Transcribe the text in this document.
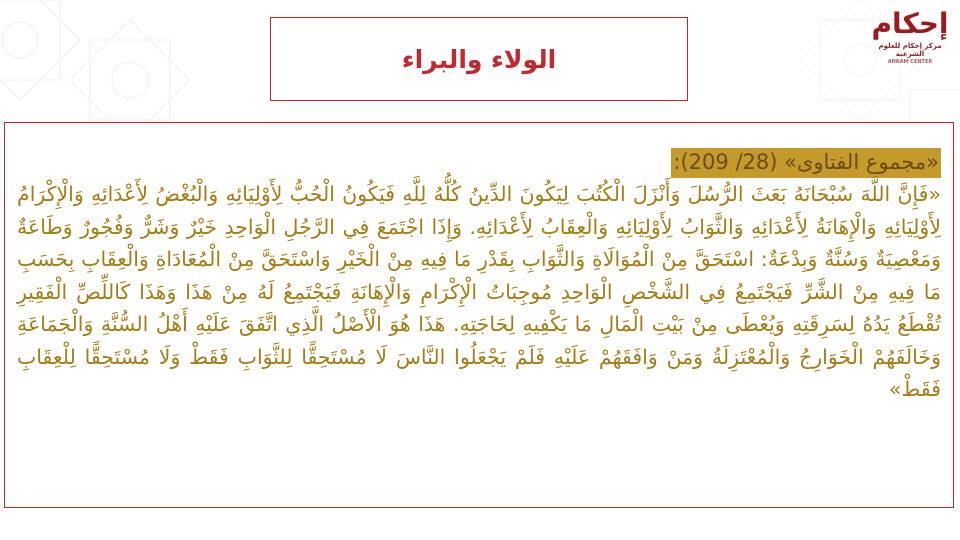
إحكام
مركز إحكام للعلوم الشرعية
AHKAM CENTER
الولاء والبراء
«مجموع الفتاوى» (28/ 209):
«فَإِنَّ اللَّهَ سُبْحَانَهُ بَعَثَ الرُّسُلَ وَأَنْزَلَ الْكُتُبَ لِيَكُونَ الدِّينُ كُلُّهُ لِلَّهِ فَيَكُونُ الْحُبُّ لِأَوْلِيَائِهِ وَالْبُغْضُ لِأَعْدَائِهِ وَالْإِكْرَامُ لِأَوْلِيَائِهِ وَالْإِهَانَةُ لِأَعْدَائِهِ وَالثَّوَابُ لِأَوْلِيَائِهِ وَالْعِقَابُ لِأَعْدَائِهِ. وَإِذَا اجْتَمَعَ فِي الرَّجُلِ الْوَاحِدِ خَيْرٌ وَشَرٌّ وَفُجُورٌ وَطَاعَةٌ وَمَعْصِيَةٌ وَسُنَّةٌ وَبِدْعَةٌ: اسْتَحَقَّ مِنْ الْمُوَالَاةِ وَالثَّوَابِ بِقَدْرِ مَا فِيهِ مِنْ الْخَيْرِ وَاسْتَحَقَّ مِنْ الْمُعَادَاةِ وَالْعِقَابِ بِحَسَبِ مَا فِيهِ مِنْ الشَّرِّ فَيَجْتَمِعُ فِي الشَّخْصِ الْوَاحِدِ مُوجِبَاتُ الْإِكْرَامِ وَالْإِهَانَةِ فَيَجْتَمِعُ لَهُ مِنْ هَذَا وَهَذَا كَاللِّصِّ الْفَقِيرِ تُقْطَعُ يَدُهُ لِسَرِقَتِهِ وَيُعْطَى مِنْ بَيْتِ الْمَالِ مَا يَكْفِيهِ لِحَاجَتِهِ. هَذَا هُوَ الْأَصْلُ الَّذِي اتَّفَقَ عَلَيْهِ أَهْلُ السُّنَّةِ وَالْجَمَاعَةِ وَخَالَفَهُمْ الْخَوَارِجُ وَالْمُعْتَزِلَةُ وَمَنْ وَافَقَهُمْ عَلَيْهِ فَلَمْ يَجْعَلُوا النَّاسَ لَا مُسْتَحِقًّا لِلثَّوَابِ فَقَطْ وَلَا مُسْتَحِقًّا لِلْعِقَابِ فَقَطْ»
